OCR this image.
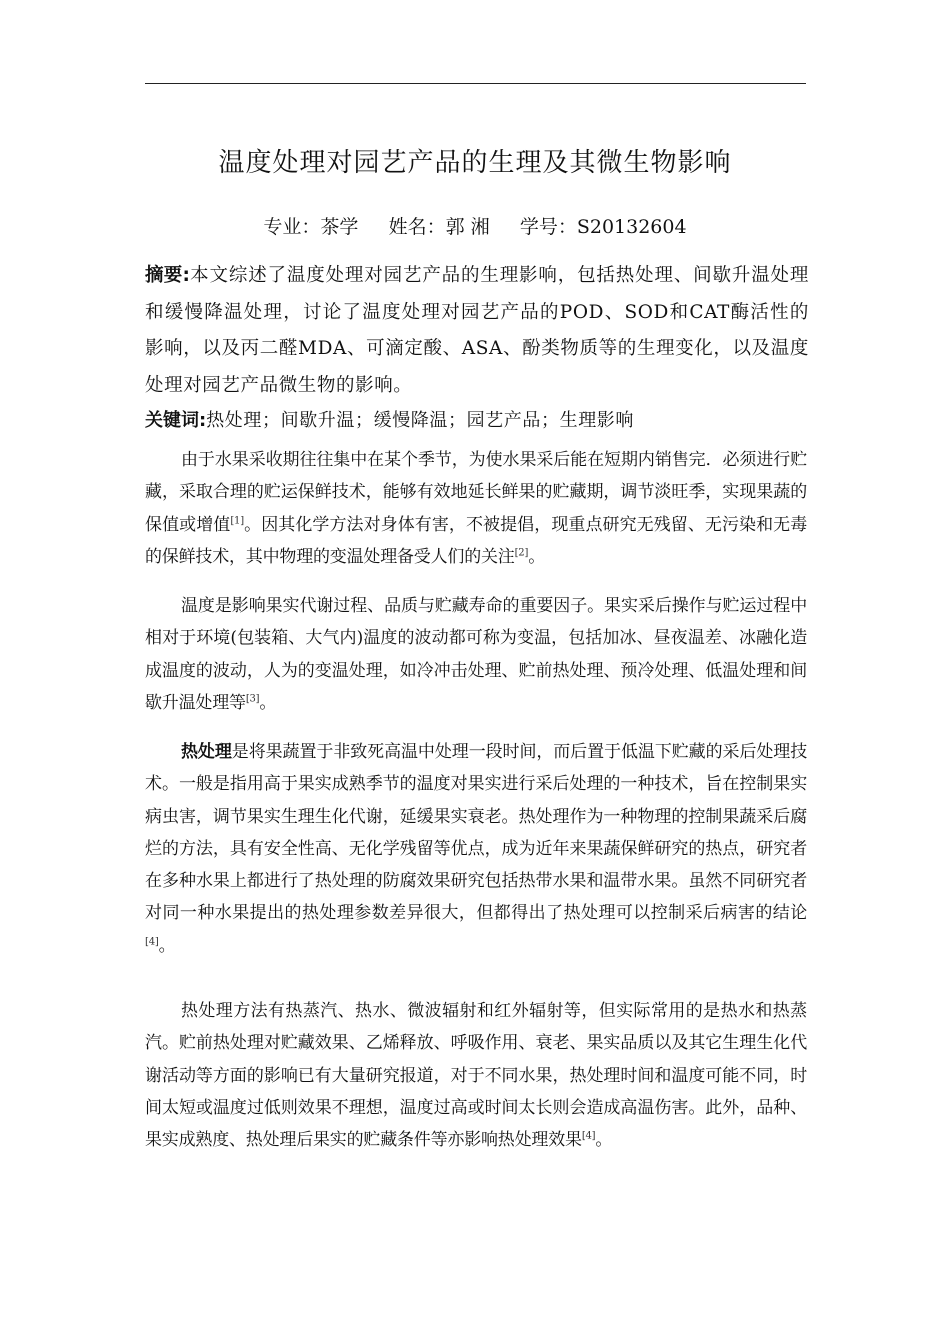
温度处理对园艺产品的生理及其微生物影响
专业：茶学     姓名：郭 湘     学号：S20132604

摘要:本文综述了温度处理对园艺产品的生理影响，包括热处理、间歇升温处理和缓慢降温处理，讨论了温度处理对园艺产品的POD、SOD和CAT酶活性的影响，以及丙二醛MDA、可滴定酸、ASA、酚类物质等的生理变化，以及温度处理对园艺产品微生物的影响。

关键词:热处理；间歇升温；缓慢降温；园艺产品；生理影响

由于水果采收期往往集中在某个季节，为使水果采后能在短期内销售完．必须进行贮藏，采取合理的贮运保鲜技术，能够有效地延长鲜果的贮藏期，调节淡旺季，实现果蔬的保值或增值[1]。因其化学方法对身体有害，不被提倡，现重点研究无残留、无污染和无毒的保鲜技术，其中物理的变温处理备受人们的关注[2]。

温度是影响果实代谢过程、品质与贮藏寿命的重要因子。果实采后操作与贮运过程中相对于环境(包装箱、大气内)温度的波动都可称为变温，包括加冰、昼夜温差、冰融化造成温度的波动，人为的变温处理，如冷冲击处理、贮前热处理、预冷处理、低温处理和间歇升温处理等[3]。

热处理是将果蔬置于非致死高温中处理一段时间，而后置于低温下贮藏的采后处理技术。一般是指用高于果实成熟季节的温度对果实进行采后处理的一种技术，旨在控制果实病虫害，调节果实生理生化代谢，延缓果实衰老。热处理作为一种物理的控制果蔬采后腐烂的方法，具有安全性高、无化学残留等优点，成为近年来果蔬保鲜研究的热点，研究者在多种水果上都进行了热处理的防腐效果研究包括热带水果和温带水果。虽然不同研究者对同一种水果提出的热处理参数差异很大，但都得出了热处理可以控制采后病害的结论[4]。

热处理方法有热蒸汽、热水、微波辐射和红外辐射等，但实际常用的是热水和热蒸汽。贮前热处理对贮藏效果、乙烯释放、呼吸作用、衰老、果实品质以及其它生理生化代谢活动等方面的影响已有大量研究报道，对于不同水果，热处理时间和温度可能不同，时间太短或温度过低则效果不理想，温度过高或时间太长则会造成高温伤害。此外，品种、果实成熟度、热处理后果实的贮藏条件等亦影响热处理效果[4]。
